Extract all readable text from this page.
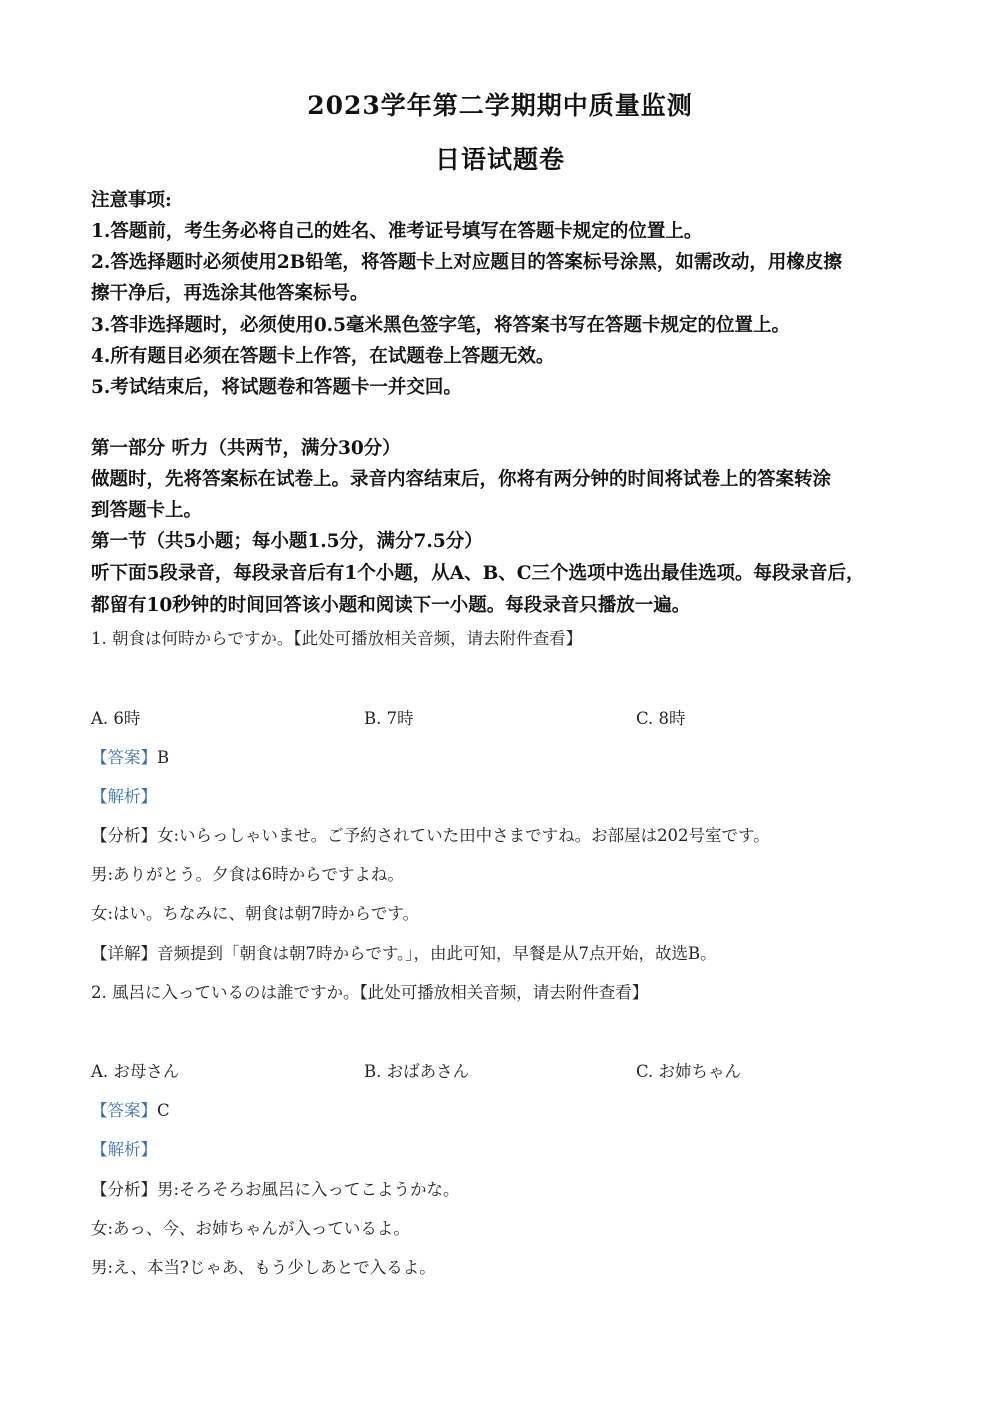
2023学年第二学期期中质量监测
日语试题卷
注意事项:
1.答题前，考生务必将自己的姓名、准考证号填写在答题卡规定的位置上。
2.答选择题时必须使用2B铅笔，将答题卡上对应题目的答案标号涂黑，如需改动，用橡皮擦
擦干净后，再选涂其他答案标号。
3.答非选择题时，必须使用0.5毫米黑色签字笔，将答案书写在答题卡规定的位置上。
4.所有题目必须在答题卡上作答，在试题卷上答题无效。
5.考试结束后，将试题卷和答题卡一并交回。
第一部分 听力（共两节，满分30分）
做题时，先将答案标在试卷上。录音内容结束后，你将有两分钟的时间将试卷上的答案转涂
到答题卡上。
第一节（共5小题；每小题1.5分，满分7.5分）
听下面5段录音，每段录音后有1个小题，从A、B、C三个选项中选出最佳选项。每段录音后，
都留有10秒钟的时间回答该小题和阅读下一小题。每段录音只播放一遍。
1. 朝食は何時からですか。【此处可播放相关音频，请去附件查看】
A. 6時	B. 7時	C. 8時
【答案】B
【解析】
【分析】女:いらっしゃいませ。ご予約されていた田中さまですね。お部屋は202号室です。
男:ありがとう。夕食は6時からですよね。
女:はい。ちなみに、朝食は朝7時からです。
【详解】音频提到「朝食は朝7時からです。」，由此可知，早餐是从7点开始，故选B。
2. 風呂に入っているのは誰ですか。【此处可播放相关音频，请去附件查看】
A. お母さん	B. おばあさん	C. お姉ちゃん
【答案】C
【解析】
【分析】男:そろそろお風呂に入ってこようかな。
女:あっ、今、お姉ちゃんが入っているよ。
男:え、本当?じゃあ、もう少しあとで入るよ。
